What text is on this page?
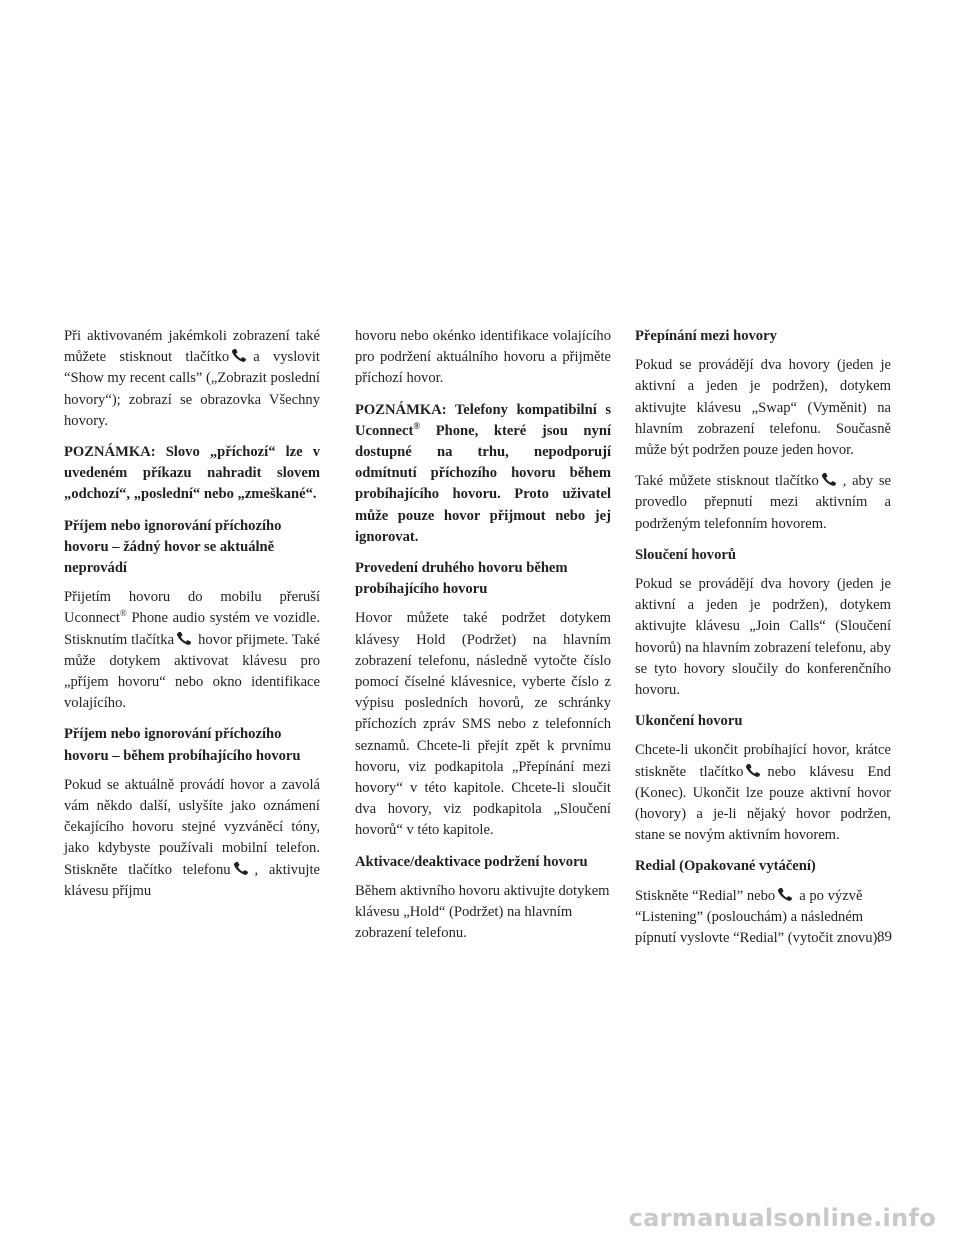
Při aktivovaném jakémkoli zobrazení také můžete stisknout tlačítko a vyslovit “Show my recent calls” („Zobrazit poslední hovory“); zobrazí se obrazovka Všechny hovory.

POZNÁMKA: Slovo „příchozí“ lze v uvedeném příkazu nahradit slovem „odchozí“, „poslední“ nebo „zmeškané“.

Příjem nebo ignorování příchozího hovoru – žádný hovor se aktuálně neprovádí

Přijetím hovoru do mobilu přeruší Uconnect® Phone audio systém ve vozidle. Stisknutím tlačítka hovor přijmete. Také může dotykem aktivovat klávesu pro „příjem hovoru“ nebo okno identifikace volajícího.

Příjem nebo ignorování příchozího hovoru – během probíhajícího hovoru

Pokud se aktuálně provádí hovor a zavolá vám někdo další, uslyšíte jako oznámení čekajícího hovoru stejné vyzváněcí tóny, jako kdybyste používali mobilní telefon. Stiskněte tlačítko telefonu , aktivujte klávesu příjmu

hovoru nebo okénko identifikace volajícího pro podržení aktuálního hovoru a přijměte příchozí hovor.

POZNÁMKA: Telefony kompatibilní s Uconnect® Phone, které jsou nyní dostupné na trhu, nepodporují odmítnutí příchozího hovoru během probíhajícího hovoru. Proto uživatel může pouze hovor přijmout nebo jej ignorovat.

Provedení druhého hovoru během probíhajícího hovoru

Hovor můžete také podržet dotykem klávesy Hold (Podržet) na hlavním zobrazení telefonu, následně vytočte číslo pomocí číselné klávesnice, vyberte číslo z výpisu posledních hovorů, ze schránky příchozích zpráv SMS nebo z telefonních seznamů. Chcete-li přejít zpět k prvnímu hovoru, viz podkapitola „Přepínání mezi hovory“ v této kapitole. Chcete-li sloučit dva hovory, viz podkapitola „Sloučení hovorů“ v této kapitole.

Aktivace/deaktivace podržení hovoru

Během aktivního hovoru aktivujte dotykem klávesu „Hold“ (Podržet) na hlavním zobrazení telefonu.

Přepínání mezi hovory

Pokud se provádějí dva hovory (jeden je aktivní a jeden je podržen), dotykem aktivujte klávesu „Swap“ (Vyměnit) na hlavním zobrazení telefonu. Současně může být podržen pouze jeden hovor.

Také můžete stisknout tlačítko , aby se provedlo přepnutí mezi aktivním a podrženým telefonním hovorem.

Sloučení hovorů

Pokud se provádějí dva hovory (jeden je aktivní a jeden je podržen), dotykem aktivujte klávesu „Join Calls“ (Sloučení hovorů) na hlavním zobrazení telefonu, aby se tyto hovory sloučily do konferenčního hovoru.

Ukončení hovoru

Chcete-li ukončit probíhající hovor, krátce stiskněte tlačítko nebo klávesu End (Konec). Ukončit lze pouze aktivní hovor (hovory) a je-li nějaký hovor podržen, stane se novým aktivním hovorem.

Redial (Opakované vytáčení)

Stiskněte “Redial” nebo a po výzvě “Listening” (poslouchám) a následném pípnutí vyslovte “Redial” (vytočit znovu).

89
carmanualsonline.info
